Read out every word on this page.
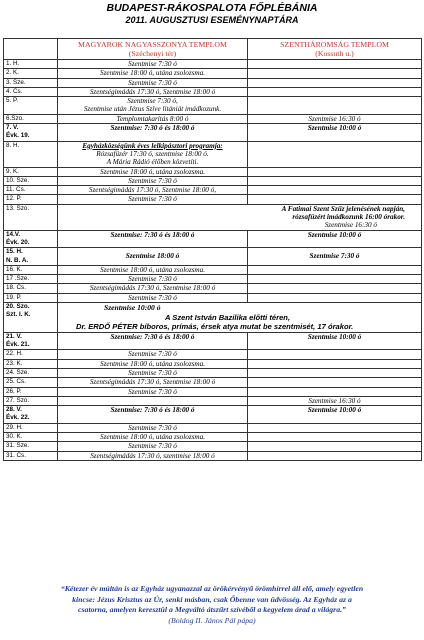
BUDAPEST-RÁKOSPALOTA FŐPLÉBÁNIA
2011. AUGUSZTUSI ESEMÉNYNAPTÁRA
	MAGYAROK NAGYASSZONYA TEMPLOM
(Széchenyi tér)	SZENTHÁROMSÁG TEMPLOM
(Kossuth u.)
1. H.	Szentmise 7:30 ó	
2. K.	Szentmise 18:00 ó, utána zsolozsma.	
3. Sze.	Szentmise 7:30 ó	
4. Cs.	Szentségimádás 17:30 ó, Szentmise 18:00 ó	
5. P.	Szentmise 7:30 ó,
Szentmise után Jézus Szíve litániát imádkozunk.	
6.Szo.	Templomtakarítás 8:00 ó	Szentmise 16:30 ó
7. V.
Évk. 19.	Szentmise: 7:30 ó és 18:00 ó	Szentmise 10:00 ó
8. H.	Egyházközségünk éves lelkipásztori programja:
Rózsafüzér 17:30 ó, szentmise 18:00 ó.
A Mária Rádió élőben közvetíti.	
9. K.	Szentmise 18:00 ó, utána zsolozsma.	
10. Sze.	Szentmise 7:30 ó	
11. Cs.	Szentségimádás 17:30 ó, Szentmise 18:00 ó,	
12. P.	Szentmise 7:30 ó	
13. Szo.	A Fatimai Szent Szűz jelenésének napján,
rózsafüzért imádkozunk 16:00 órakor.
Szentmise 16:30 ó	
14.V.
Évk. 20.	Szentmise: 7:30 ó és 18:00 ó	Szentmise 10:00 ó
15. H.
N. B. A.	Szentmise 18:00 ó	Szentmise 7:30 ó
16. K.	Szentmise 18:00 ó, utána zsolozsma.	
17 .Sze.	Szentmise 7:30 ó	
18. Cs.	Szentségimádás 17:30 ó, Szentmise 18:00 ó	
19. P.	Szentmise 7:30 ó	
20. Szo.
Szt. I. K.	Szentmise 10:00 ó
A Szent István Bazilika előtti téren,
Dr. ERDŐ PÉTER bíboros, prímás, érsek atya mutat be szentmisét, 17 órakor.	
21. V.
Évk. 21.	Szentmise: 7:30 ó és 18:00 ó	Szentmise 10:00 ó
22. H.	Szentmise 7:30 ó	
23. K.	Szentmise 18:00 ó, utána zsolozsma.	
24. Sze.	Szentmise 7:30 ó	
25. Cs.	Szentségimádás 17:30 ó, Szentmise 18:00 ó	
26. P.	Szentmise 7:30 ó	
27. Szo.		Szentmise 16:30 ó
28. V.
Évk. 22.	Szentmise: 7:30 ó és 18:00 ó	Szentmise 10:00 ó
29. H.	Szentmise 7:30 ó	
30. K.	Szentmise 18:00 ó, utána zsolozsma.	
31. Sze.	Szentmise 7:30 ó	
31. Cs.	Szentségimádás 17:30 ó, szentmise 18:00 ó	
“Kétezer év múltán is az Egyház ugyanazzal az örökérvényű örömhírrel áll elő, amely egyetlen
kincse: Jézus Krisztus az Úr, senki másban, csak Őbenne van üdvösség. Az Egyház az a
csatorna, amelyen keresztül a Megváltó átszűrt szívéből a kegyelem árad a világra.”
(Boldog II. János Pál pápa)
